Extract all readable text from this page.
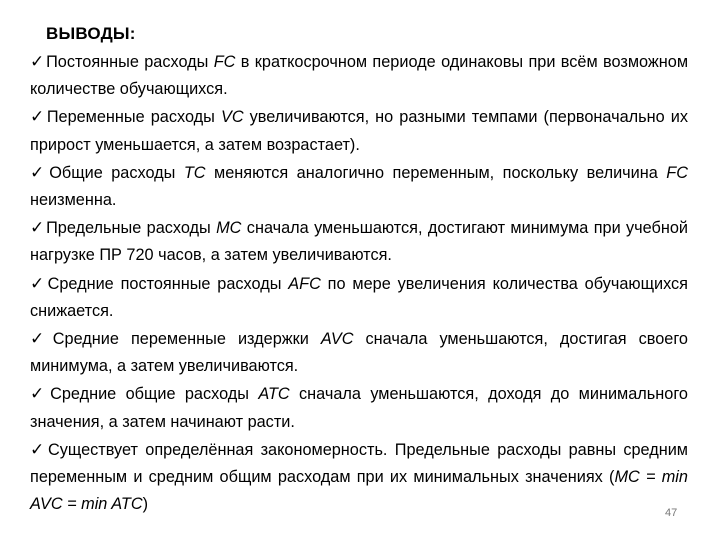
ВЫВОДЫ:

✓Постоянные расходы FC в краткосрочном периоде одинаковы при всём возможном количестве обучающихся.

✓Переменные расходы VC увеличиваются, но разными темпами (первоначально их прирост уменьшается, а затем возрастает).

✓Общие расходы TC меняются аналогично переменным, поскольку величина FC неизменна.

✓Предельные расходы MC сначала уменьшаются, достигают минимума при учебной нагрузке ПР 720 часов, а затем увеличиваются.

✓Средние постоянные расходы AFC по мере увеличения количества обучающихся снижается.

✓Средние переменные издержки AVC сначала уменьшаются, достигая своего минимума, а затем увеличиваются.

✓Средние общие расходы ATC сначала уменьшаются, доходя до минимального значения, а затем начинают расти.

✓Существует определённая закономерность. Предельные расходы равны средним переменным и средним общим расходам при их минимальных значениях (MC = min AVC = min ATC)	47
